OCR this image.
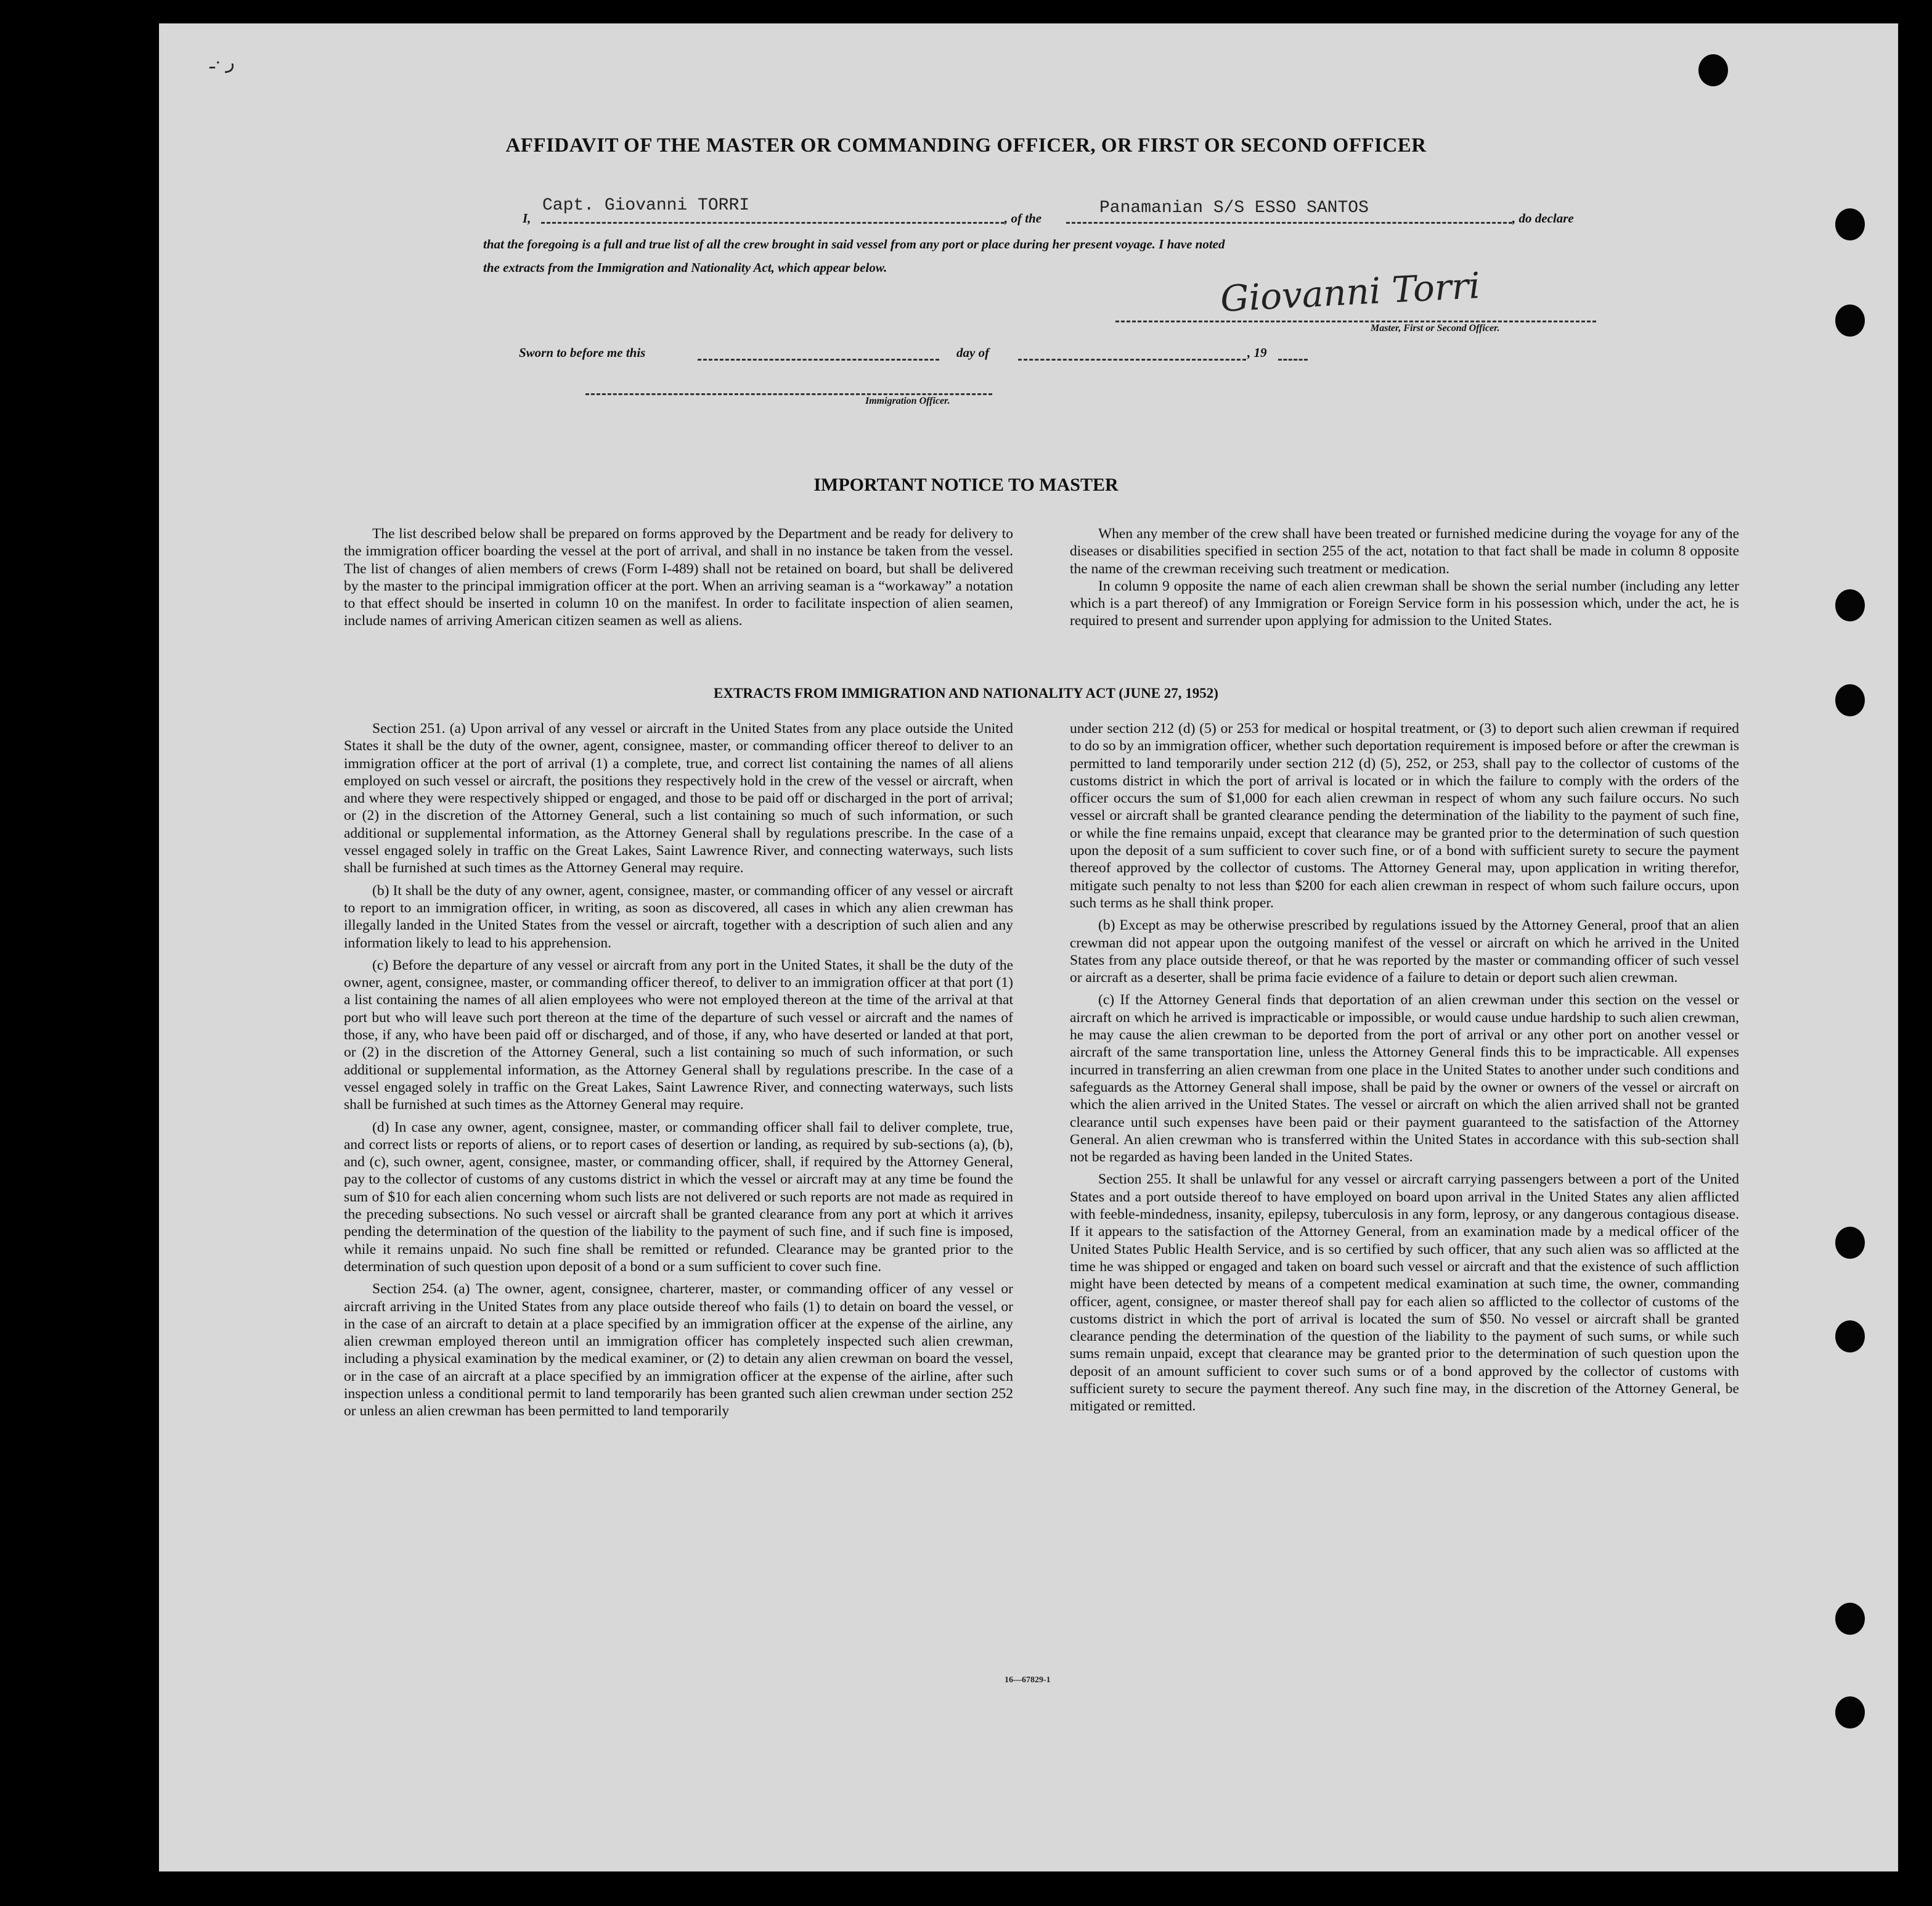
ر ·ـ
AFFIDAVIT OF THE MASTER OR COMMANDING OFFICER, OR FIRST OR SECOND OFFICER
I,
Capt. Giovanni TORRI
, of the
Panamanian S/S ESSO SANTOS
, do declare
that the foregoing is a full and true list of all the crew brought in said vessel from any port or place during her present voyage. I have noted
the extracts from the Immigration and Nationality Act, which appear below.	Giovanni Torri
Master, First or Second Officer.
Sworn to before me this	day of	, 19
Immigration Officer.
IMPORTANT NOTICE TO MASTER

The list described below shall be prepared on forms approved by the Department and be ready for delivery to the immigration officer boarding the vessel at the port of arrival, and shall in no instance be taken from the vessel. The list of changes of alien members of crews (Form I-489) shall not be retained on board, but shall be delivered by the master to the principal immigration officer at the port. When an arriving seaman is a “workaway” a notation to that effect should be inserted in column 10 on the manifest. In order to facilitate inspection of alien seamen, include names of arriving American citizen seamen as well as aliens.

When any member of the crew shall have been treated or furnished medicine during the voyage for any of the diseases or disabilities specified in section 255 of the act, notation to that fact shall be made in column 8 opposite the name of the crewman receiving such treatment or medication.

In column 9 opposite the name of each alien crewman shall be shown the serial number (including any letter which is a part thereof) of any Immigration or Foreign Service form in his possession which, under the act, he is required to present and surrender upon applying for admission to the United States.

EXTRACTS FROM IMMIGRATION AND NATIONALITY ACT (JUNE 27, 1952)

Section 251. (a) Upon arrival of any vessel or aircraft in the United States from any place outside the United States it shall be the duty of the owner, agent, consignee, master, or commanding officer thereof to deliver to an immigration officer at the port of arrival (1) a complete, true, and correct list containing the names of all aliens employed on such vessel or aircraft, the positions they respectively hold in the crew of the vessel or aircraft, when and where they were respectively shipped or engaged, and those to be paid off or discharged in the port of arrival; or (2) in the discretion of the Attorney General, such a list containing so much of such information, or such additional or supplemental information, as the Attorney General shall by regulations prescribe. In the case of a vessel engaged solely in traffic on the Great Lakes, Saint Lawrence River, and connecting waterways, such lists shall be furnished at such times as the Attorney General may require.

(b) It shall be the duty of any owner, agent, consignee, master, or commanding officer of any vessel or aircraft to report to an immigration officer, in writing, as soon as discovered, all cases in which any alien crewman has illegally landed in the United States from the vessel or aircraft, together with a description of such alien and any information likely to lead to his apprehension.

(c) Before the departure of any vessel or aircraft from any port in the United States, it shall be the duty of the owner, agent, consignee, master, or commanding officer thereof, to deliver to an immigration officer at that port (1) a list containing the names of all alien employees who were not employed thereon at the time of the arrival at that port but who will leave such port thereon at the time of the departure of such vessel or aircraft and the names of those, if any, who have been paid off or discharged, and of those, if any, who have deserted or landed at that port, or (2) in the discretion of the Attorney General, such a list containing so much of such information, or such additional or supplemental information, as the Attorney General shall by regulations prescribe. In the case of a vessel engaged solely in traffic on the Great Lakes, Saint Lawrence River, and connecting waterways, such lists shall be furnished at such times as the Attorney General may require.

(d) In case any owner, agent, consignee, master, or commanding officer shall fail to deliver complete, true, and correct lists or reports of aliens, or to report cases of desertion or landing, as required by sub-sections (a), (b), and (c), such owner, agent, consignee, master, or commanding officer, shall, if required by the Attorney General, pay to the collector of customs of any customs district in which the vessel or aircraft may at any time be found the sum of $10 for each alien concerning whom such lists are not delivered or such reports are not made as required in the preceding subsections. No such vessel or aircraft shall be granted clearance from any port at which it arrives pending the determination of the question of the liability to the payment of such fine, and if such fine is imposed, while it remains unpaid. No such fine shall be remitted or refunded. Clearance may be granted prior to the determination of such question upon deposit of a bond or a sum sufficient to cover such fine.

Section 254. (a) The owner, agent, consignee, charterer, master, or commanding officer of any vessel or aircraft arriving in the United States from any place outside thereof who fails (1) to detain on board the vessel, or in the case of an aircraft to detain at a place specified by an immigration officer at the expense of the airline, any alien crewman employed thereon until an immigration officer has completely inspected such alien crewman, including a physical examination by the medical examiner, or (2) to detain any alien crewman on board the vessel, or in the case of an aircraft at a place specified by an immigration officer at the expense of the airline, after such inspection unless a conditional permit to land temporarily has been granted such alien crewman under section 252 or unless an alien crewman has been permitted to land temporarily

under section 212 (d) (5) or 253 for medical or hospital treatment, or (3) to deport such alien crewman if required to do so by an immigration officer, whether such deportation requirement is imposed before or after the crewman is permitted to land temporarily under section 212 (d) (5), 252, or 253, shall pay to the collector of customs of the customs district in which the port of arrival is located or in which the failure to comply with the orders of the officer occurs the sum of $1,000 for each alien crewman in respect of whom any such failure occurs. No such vessel or aircraft shall be granted clearance pending the determination of the liability to the payment of such fine, or while the fine remains unpaid, except that clearance may be granted prior to the determination of such question upon the deposit of a sum sufficient to cover such fine, or of a bond with sufficient surety to secure the payment thereof approved by the collector of customs. The Attorney General may, upon application in writing therefor, mitigate such penalty to not less than $200 for each alien crewman in respect of whom such failure occurs, upon such terms as he shall think proper.

(b) Except as may be otherwise prescribed by regulations issued by the Attorney General, proof that an alien crewman did not appear upon the outgoing manifest of the vessel or aircraft on which he arrived in the United States from any place outside thereof, or that he was reported by the master or commanding officer of such vessel or aircraft as a deserter, shall be prima facie evidence of a failure to detain or deport such alien crewman.

(c) If the Attorney General finds that deportation of an alien crewman under this section on the vessel or aircraft on which he arrived is impracticable or impossible, or would cause undue hardship to such alien crewman, he may cause the alien crewman to be deported from the port of arrival or any other port on another vessel or aircraft of the same transportation line, unless the Attorney General finds this to be impracticable. All expenses incurred in transferring an alien crewman from one place in the United States to another under such conditions and safeguards as the Attorney General shall impose, shall be paid by the owner or owners of the vessel or aircraft on which the alien arrived in the United States. The vessel or aircraft on which the alien arrived shall not be granted clearance until such expenses have been paid or their payment guaranteed to the satisfaction of the Attorney General. An alien crewman who is transferred within the United States in accordance with this sub-section shall not be regarded as having been landed in the United States.

Section 255. It shall be unlawful for any vessel or aircraft carrying passengers between a port of the United States and a port outside thereof to have employed on board upon arrival in the United States any alien afflicted with feeble-mindedness, insanity, epilepsy, tuberculosis in any form, leprosy, or any dangerous contagious disease. If it appears to the satisfaction of the Attorney General, from an examination made by a medical officer of the United States Public Health Service, and is so certified by such officer, that any such alien was so afflicted at the time he was shipped or engaged and taken on board such vessel or aircraft and that the existence of such affliction might have been detected by means of a competent medical examination at such time, the owner, commanding officer, agent, consignee, or master thereof shall pay for each alien so afflicted to the collector of customs of the customs district in which the port of arrival is located the sum of $50. No vessel or aircraft shall be granted clearance pending the determination of the question of the liability to the payment of such sums, or while such sums remain unpaid, except that clearance may be granted prior to the determination of such question upon the deposit of an amount sufficient to cover such sums or of a bond approved by the collector of customs with sufficient surety to secure the payment thereof. Any such fine may, in the discretion of the Attorney General, be mitigated or remitted.

16—67829-1
